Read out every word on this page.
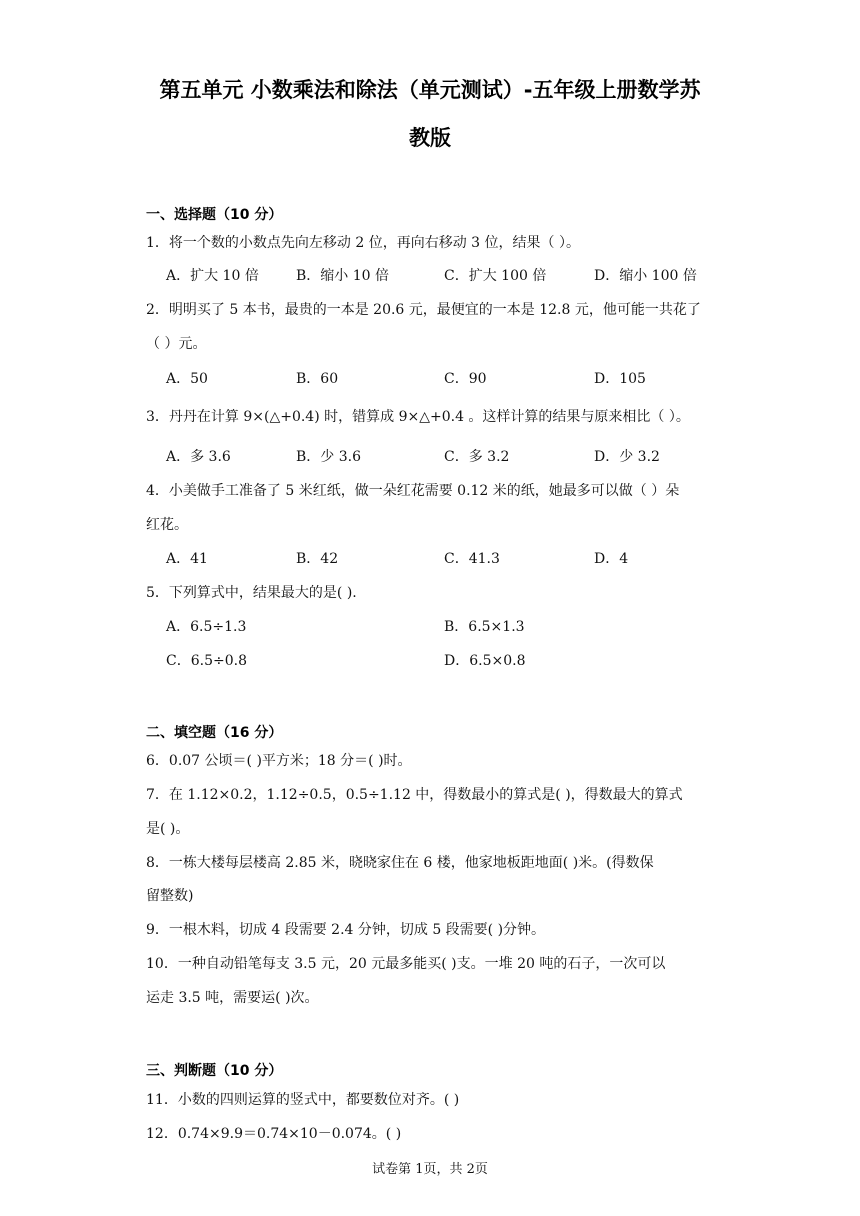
第五单元 小数乘法和除法（单元测试）-五年级上册数学苏
教版
一、选择题（10 分）
1．将一个数的小数点先向左移动 2 位，再向右移动 3 位，结果（ ）。
A．扩大 10 倍	B．缩小 10 倍	C．扩大 100 倍	D．缩小 100 倍
2．明明买了 5 本书，最贵的一本是 20.6 元，最便宜的一本是 12.8 元，他可能一共花了
（ ）元。
A．50	B．60	C．90	D．105
3．丹丹在计算 9×(△+0.4) 时，错算成 9×△+0.4 。这样计算的结果与原来相比（ ）。
A．多 3.6	B．少 3.6	C．多 3.2	D．少 3.2
4．小美做手工准备了 5 米红纸，做一朵红花需要 0.12 米的纸，她最多可以做（ ）朵
红花。
A．41	B．42	C．41.3	D．4
5．下列算式中，结果最大的是( ).
A．6.5÷1.3	B．6.5×1.3
C．6.5÷0.8	D．6.5×0.8
二、填空题（16 分）
6．0.07 公顷＝( )平方米；18 分＝( )时。
7．在 1.12×0.2，1.12÷0.5，0.5÷1.12 中，得数最小的算式是( )，得数最大的算式
是( )。
8．一栋大楼每层楼高 2.85 米，晓晓家住在 6 楼，他家地板距地面( )米。(得数保
留整数)
9．一根木料，切成 4 段需要 2.4 分钟，切成 5 段需要( )分钟。
10．一种自动铅笔每支 3.5 元，20 元最多能买( )支。一堆 20 吨的石子，一次可以
运走 3.5 吨，需要运( )次。
三、判断题（10 分）
11．小数的四则运算的竖式中，都要数位对齐。( )
12．0.74×9.9＝0.74×10－0.074。( )
试卷第 1页，共 2页
